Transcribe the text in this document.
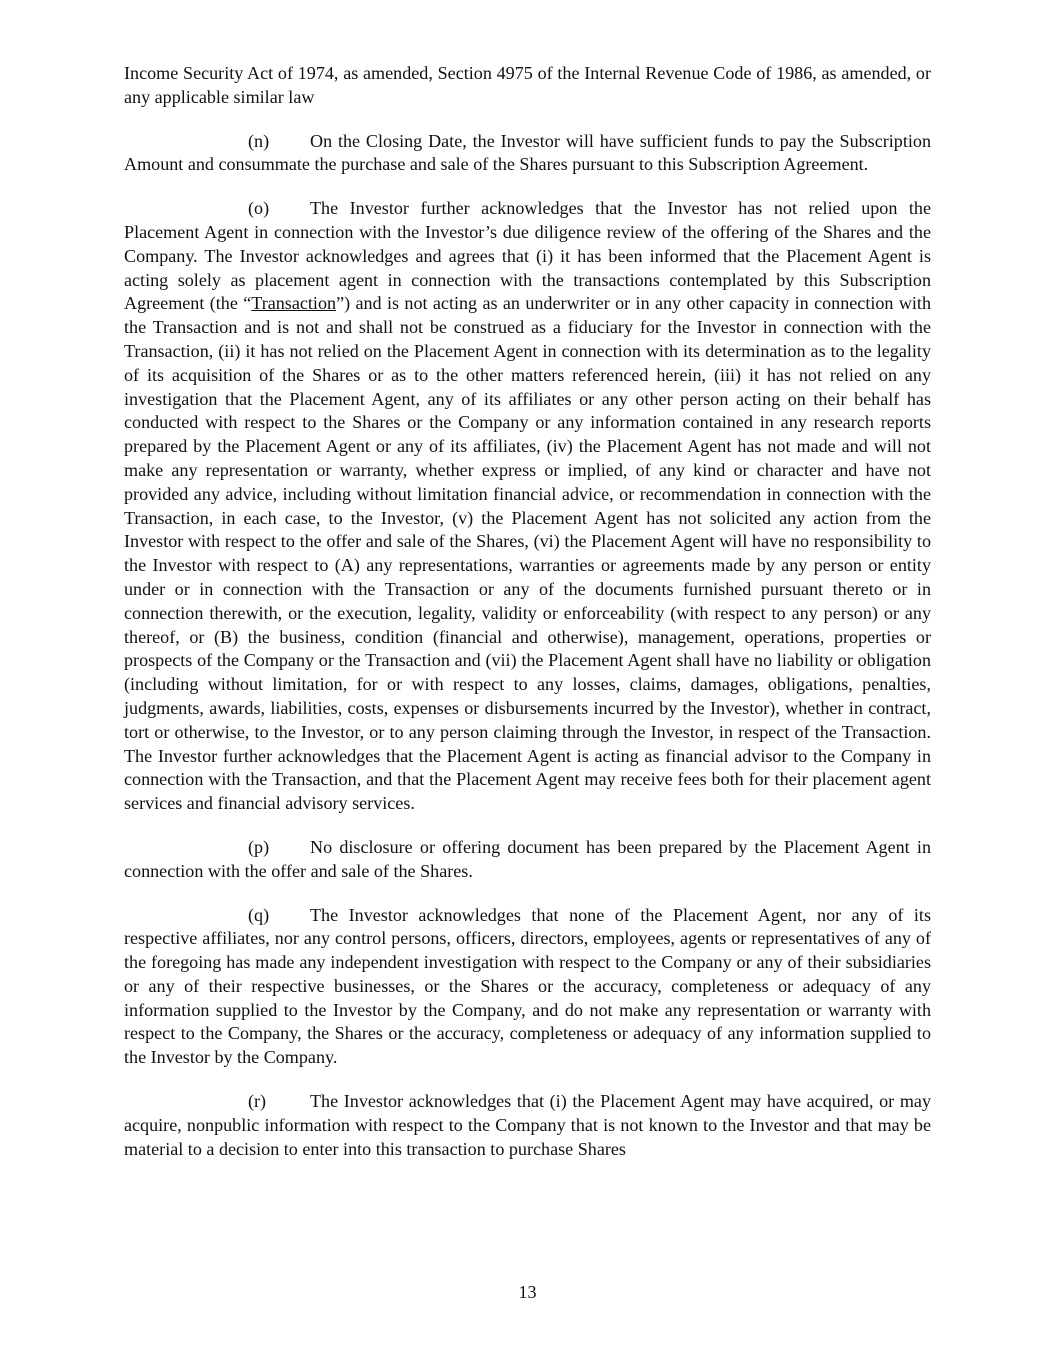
Income Security Act of 1974, as amended, Section 4975 of the Internal Revenue Code of 1986, as amended, or any applicable similar law

(n) On the Closing Date, the Investor will have sufficient funds to pay the Subscription Amount and consummate the purchase and sale of the Shares pursuant to this Subscription Agreement.

(o) The Investor further acknowledges that the Investor has not relied upon the Placement Agent in connection with the Investor’s due diligence review of the offering of the Shares and the Company. The Investor acknowledges and agrees that (i) it has been informed that the Placement Agent is acting solely as placement agent in connection with the transactions contemplated by this Subscription Agreement (the “Transaction”) and is not acting as an underwriter or in any other capacity in connection with the Transaction and is not and shall not be construed as a fiduciary for the Investor in connection with the Transaction, (ii) it has not relied on the Placement Agent in connection with its determination as to the legality of its acquisition of the Shares or as to the other matters referenced herein, (iii) it has not relied on any investigation that the Placement Agent, any of its affiliates or any other person acting on their behalf has conducted with respect to the Shares or the Company or any information contained in any research reports prepared by the Placement Agent or any of its affiliates, (iv) the Placement Agent has not made and will not make any representation or warranty, whether express or implied, of any kind or character and have not provided any advice, including without limitation financial advice, or recommendation in connection with the Transaction, in each case, to the Investor, (v) the Placement Agent has not solicited any action from the Investor with respect to the offer and sale of the Shares, (vi) the Placement Agent will have no responsibility to the Investor with respect to (A) any representations, warranties or agreements made by any person or entity under or in connection with the Transaction or any of the documents furnished pursuant thereto or in connection therewith, or the execution, legality, validity or enforceability (with respect to any person) or any thereof, or (B) the business, condition (financial and otherwise), management, operations, properties or prospects of the Company or the Transaction and (vii) the Placement Agent shall have no liability or obligation (including without limitation, for or with respect to any losses, claims, damages, obligations, penalties, judgments, awards, liabilities, costs, expenses or disbursements incurred by the Investor), whether in contract, tort or otherwise, to the Investor, or to any person claiming through the Investor, in respect of the Transaction. The Investor further acknowledges that the Placement Agent is acting as financial advisor to the Company in connection with the Transaction, and that the Placement Agent may receive fees both for their placement agent services and financial advisory services.

(p) No disclosure or offering document has been prepared by the Placement Agent in connection with the offer and sale of the Shares.

(q) The Investor acknowledges that none of the Placement Agent, nor any of its respective affiliates, nor any control persons, officers, directors, employees, agents or representatives of any of the foregoing has made any independent investigation with respect to the Company or any of their subsidiaries or any of their respective businesses, or the Shares or the accuracy, completeness or adequacy of any information supplied to the Investor by the Company, and do not make any representation or warranty with respect to the Company, the Shares or the accuracy, completeness or adequacy of any information supplied to the Investor by the Company.

(r) The Investor acknowledges that (i) the Placement Agent may have acquired, or may acquire, nonpublic information with respect to the Company that is not known to the Investor and that may be material to a decision to enter into this transaction to purchase Shares

13
